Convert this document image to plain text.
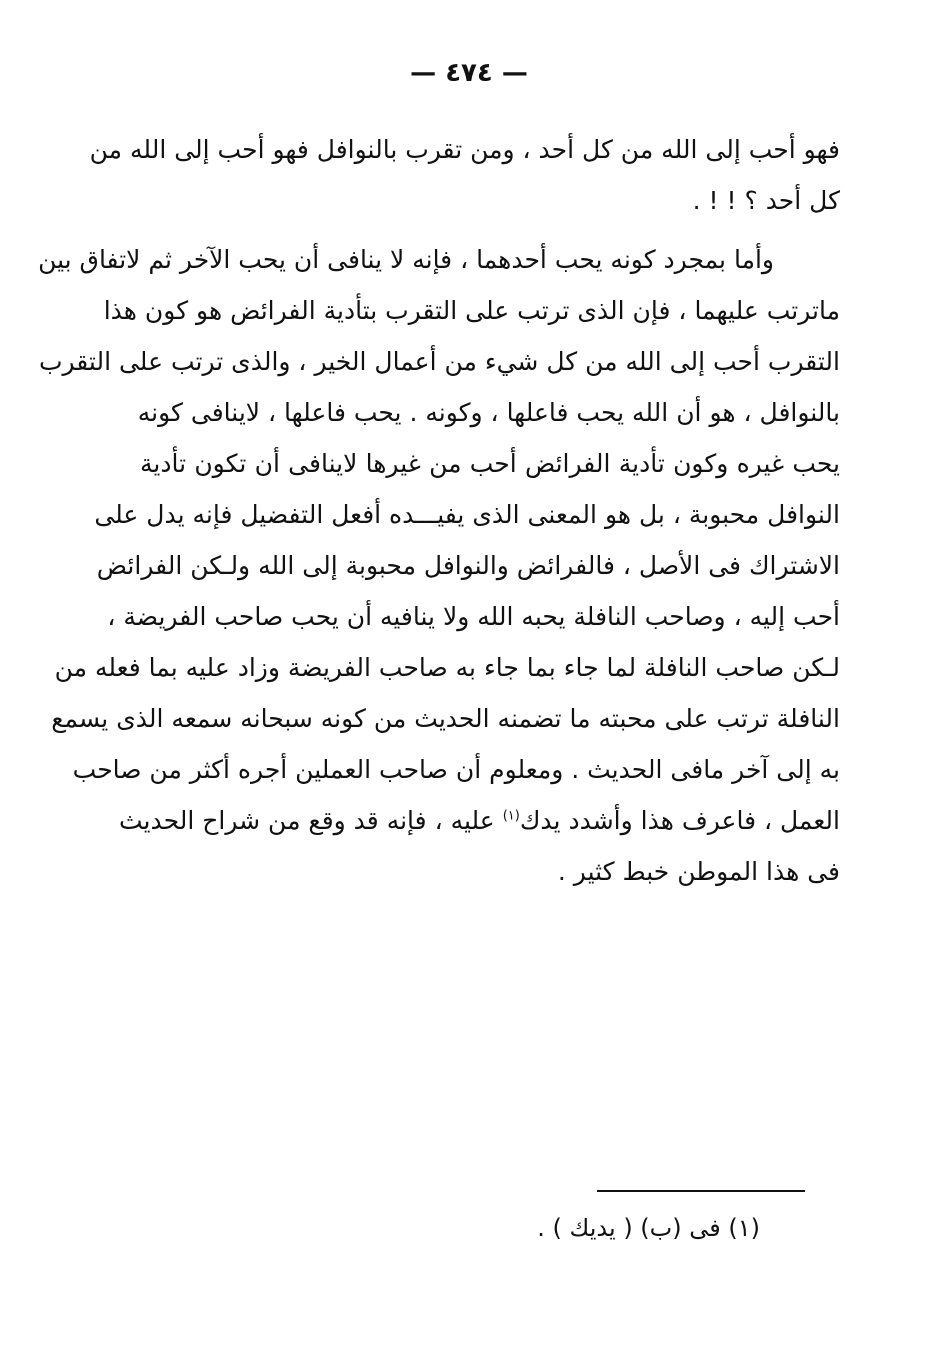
— ٤٧٤ —
فهو أحب إلى الله من كل أحد ، ومن تقرب بالنوافل فهو أحب إلى الله من
كل أحد ؟ ! ! .
وأما بمجرد كونه يحب أحدهما ، فإنه لا ينافى أن يحب الآخر ثم لاتفاق بين
ماترتب عليهما ، فإن الذى ترتب على التقرب بتأدية الفرائض هو كون هذا
التقرب أحب إلى الله من كل شيء من أعمال الخير ، والذى ترتب على التقرب
بالنوافل ، هو أن الله يحب فاعلها ، وكونه . يحب فاعلها ، لاينافى كونه
يحب غيره وكون تأدية الفرائض أحب من غيرها لاينافى أن تكون تأدية
النوافل محبوبة ، بل هو المعنى الذى يفيـــده أفعل التفضيل فإنه يدل على
الاشتراك فى الأصل ، فالفرائض والنوافل محبوبة إلى الله ولـكن الفرائض
أحب إليه ، وصاحب النافلة يحبه الله ولا ينافيه أن يحب صاحب الفريضة ،
لـكن صاحب النافلة لما جاء بما جاء به صاحب الفريضة وزاد عليه بما فعله من
النافلة ترتب على محبته ما تضمنه الحديث من كونه سبحانه سمعه الذى يسمع
به إلى آخر مافى الحديث . ومعلوم أن صاحب العملين أجره أكثر من صاحب
العمل ، فاعرف هذا وأشدد يدك$^{(١)}$ عليه ، فإنه قد وقع من شراح الحديث
فى هذا الموطن خبط كثير .
(١) فى (ب) ( يديك ) .
